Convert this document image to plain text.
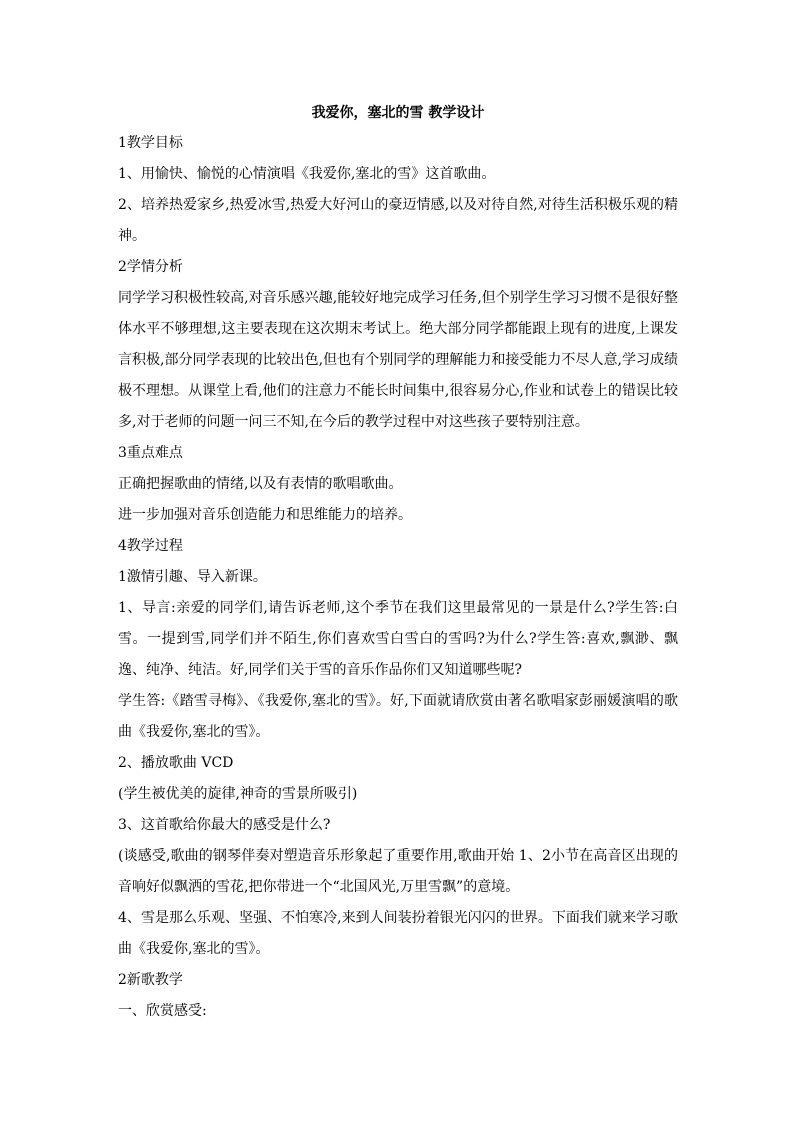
我爱你，塞北的雪 教学设计

1教学目标

1、用愉快、愉悦的心情演唱《我爱你,塞北的雪》这首歌曲。

2、培养热爱家乡,热爱冰雪,热爱大好河山的豪迈情感,以及对待自然,对待生活积极乐观的精神。

2学情分析

同学学习积极性较高,对音乐感兴趣,能较好地完成学习任务,但个别学生学习习惯不是很好整体水平不够理想,这主要表现在这次期末考试上。绝大部分同学都能跟上现有的进度,上课发言积极,部分同学表现的比较出色,但也有个别同学的理解能力和接受能力不尽人意,学习成绩极不理想。从课堂上看,他们的注意力不能长时间集中,很容易分心,作业和试卷上的错误比较多,对于老师的问题一问三不知,在今后的教学过程中对这些孩子要特别注意。

3重点难点

正确把握歌曲的情绪,以及有表情的歌唱歌曲。

进一步加强对音乐创造能力和思维能力的培养。

4教学过程

1激情引趣、导入新课。

1、导言:亲爱的同学们,请告诉老师,这个季节在我们这里最常见的一景是什么?学生答:白雪。一提到雪,同学们并不陌生,你们喜欢雪白雪白的雪吗?为什么?学生答:喜欢,飘渺、飘逸、纯净、纯洁。好,同学们关于雪的音乐作品你们又知道哪些呢?

学生答:《踏雪寻梅》、《我爱你,塞北的雪》。好,下面就请欣赏由著名歌唱家彭丽媛演唱的歌曲《我爱你,塞北的雪》。

2、播放歌曲 VCD

(学生被优美的旋律,神奇的雪景所吸引)

3、这首歌给你最大的感受是什么?

(谈感受,歌曲的钢琴伴奏对塑造音乐形象起了重要作用,歌曲开始 1、2小节在高音区出现的音响好似飘洒的雪花,把你带进一个“北国风光,万里雪飘”的意境。

4、雪是那么乐观、坚强、不怕寒冷,来到人间装扮着银光闪闪的世界。下面我们就来学习歌曲《我爱你,塞北的雪》。

2新歌教学

一、欣赏感受:
